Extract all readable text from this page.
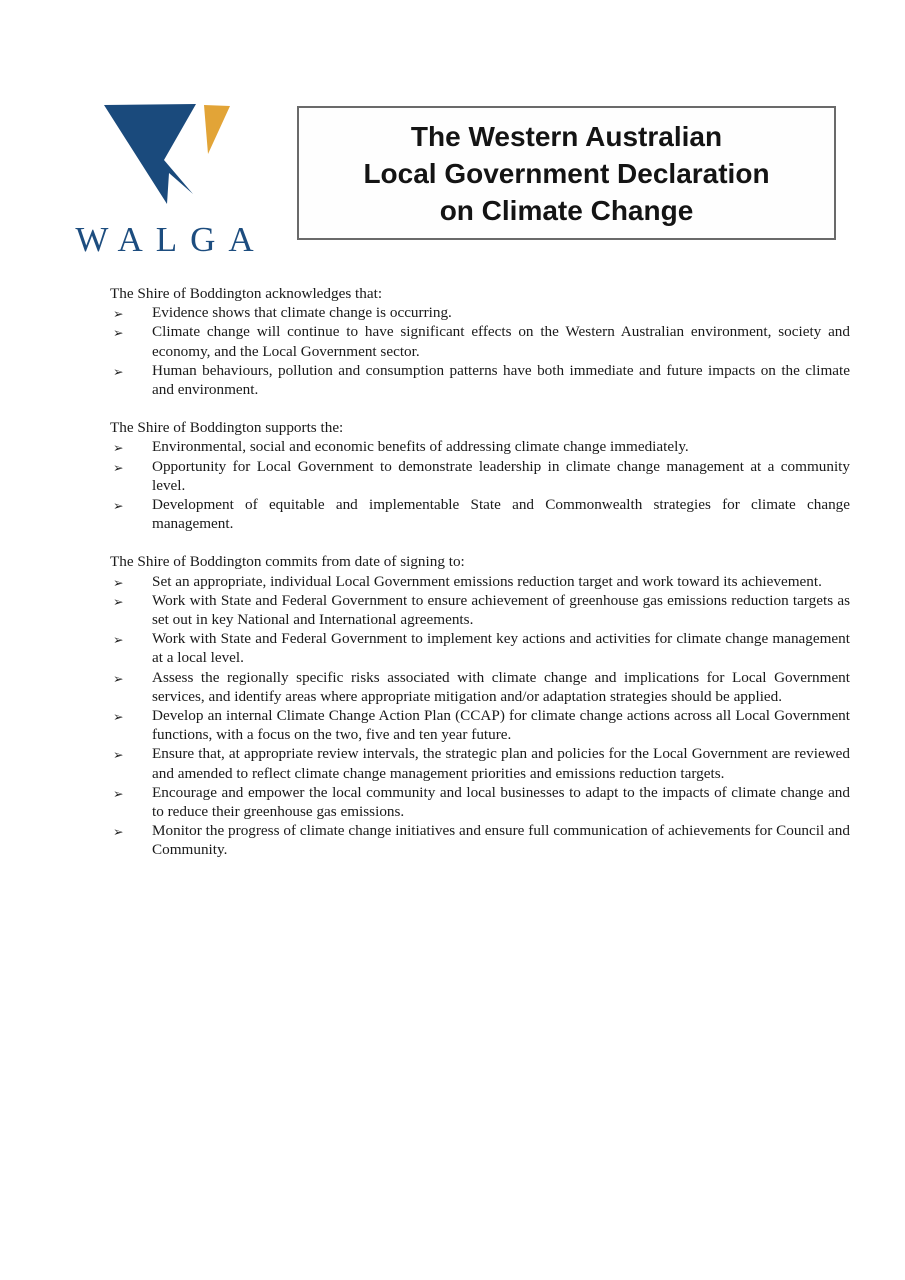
WALGA
The Western Australian
Local Government Declaration
on Climate Change

The Shire of Boddington acknowledges that:

➢ Evidence shows that climate change is occurring.
➢ Climate change will continue to have significant effects on the Western Australian environment, society and economy, and the Local Government sector.
➢ Human behaviours, pollution and consumption patterns have both immediate and future impacts on the climate and environment.

The Shire of Boddington supports the:

➢ Environmental, social and economic benefits of addressing climate change immediately.
➢ Opportunity for Local Government to demonstrate leadership in climate change management at a community level.
➢ Development of equitable and implementable State and Commonwealth strategies for climate change management.

The Shire of Boddington commits from date of signing to:

➢ Set an appropriate, individual Local Government emissions reduction target and work toward its achievement.
➢ Work with State and Federal Government to ensure achievement of greenhouse gas emissions reduction targets as set out in key National and International agreements.
➢ Work with State and Federal Government to implement key actions and activities for climate change management at a local level.
➢ Assess the regionally specific risks associated with climate change and implications for Local Government services, and identify areas where appropriate mitigation and/or adaptation strategies should be applied.
➢ Develop an internal Climate Change Action Plan (CCAP) for climate change actions across all Local Government functions, with a focus on the two, five and ten year future.
➢ Ensure that, at appropriate review intervals, the strategic plan and policies for the Local Government are reviewed and amended to reflect climate change management priorities and emissions reduction targets.
➢ Encourage and empower the local community and local businesses to adapt to the impacts of climate change and to reduce their greenhouse gas emissions.
➢ Monitor the progress of climate change initiatives and ensure full communication of achievements for Council and Community.
